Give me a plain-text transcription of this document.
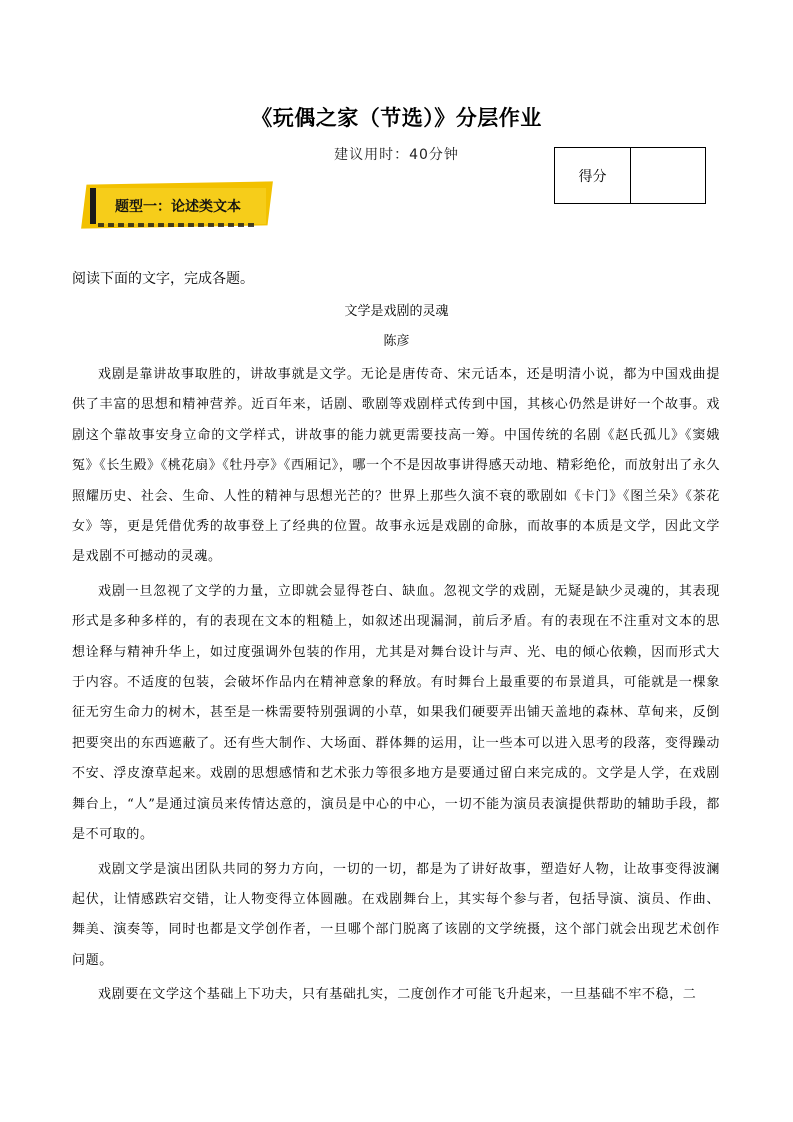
《玩偶之家（节选）》分层作业
建议用时：40分钟
得分
题型一：论述类文本
阅读下面的文字，完成各题。
文学是戏剧的灵魂
陈彦

戏剧是靠讲故事取胜的，讲故事就是文学。无论是唐传奇、宋元话本，还是明清小说，都为中国戏曲提供了丰富的思想和精神营养。近百年来，话剧、歌剧等戏剧样式传到中国，其核心仍然是讲好一个故事。戏剧这个靠故事安身立命的文学样式，讲故事的能力就更需要技高一筹。中国传统的名剧《赵氏孤儿》《窦娥冤》《长生殿》《桃花扇》《牡丹亭》《西厢记》，哪一个不是因故事讲得感天动地、精彩绝伦，而放射出了永久照耀历史、社会、生命、人性的精神与思想光芒的？世界上那些久演不衰的歌剧如《卡门》《图兰朵》《茶花女》等，更是凭借优秀的故事登上了经典的位置。故事永远是戏剧的命脉，而故事的本质是文学，因此文学是戏剧不可撼动的灵魂。

戏剧一旦忽视了文学的力量，立即就会显得苍白、缺血。忽视文学的戏剧，无疑是缺少灵魂的，其表现形式是多种多样的，有的表现在文本的粗糙上，如叙述出现漏洞，前后矛盾。有的表现在不注重对文本的思想诠释与精神升华上，如过度强调外包装的作用，尤其是对舞台设计与声、光、电的倾心依赖，因而形式大于内容。不适度的包装，会破坏作品内在精神意象的释放。有时舞台上最重要的布景道具，可能就是一棵象征无穷生命力的树木，甚至是一株需要特别强调的小草，如果我们硬要弄出铺天盖地的森林、草甸来，反倒把要突出的东西遮蔽了。还有些大制作、大场面、群体舞的运用，让一些本可以进入思考的段落，变得躁动不安、浮皮潦草起来。戏剧的思想感情和艺术张力等很多地方是要通过留白来完成的。文学是人学，在戏剧舞台上，“人”是通过演员来传情达意的，演员是中心的中心，一切不能为演员表演提供帮助的辅助手段，都是不可取的。

戏剧文学是演出团队共同的努力方向，一切的一切，都是为了讲好故事，塑造好人物，让故事变得波澜起伏，让情感跌宕交错，让人物变得立体圆融。在戏剧舞台上，其实每个参与者，包括导演、演员、作曲、舞美、演奏等，同时也都是文学创作者，一旦哪个部门脱离了该剧的文学统摄，这个部门就会出现艺术创作问题。

戏剧要在文学这个基础上下功夫，只有基础扎实，二度创作才可能飞升起来，一旦基础不牢不稳，二
